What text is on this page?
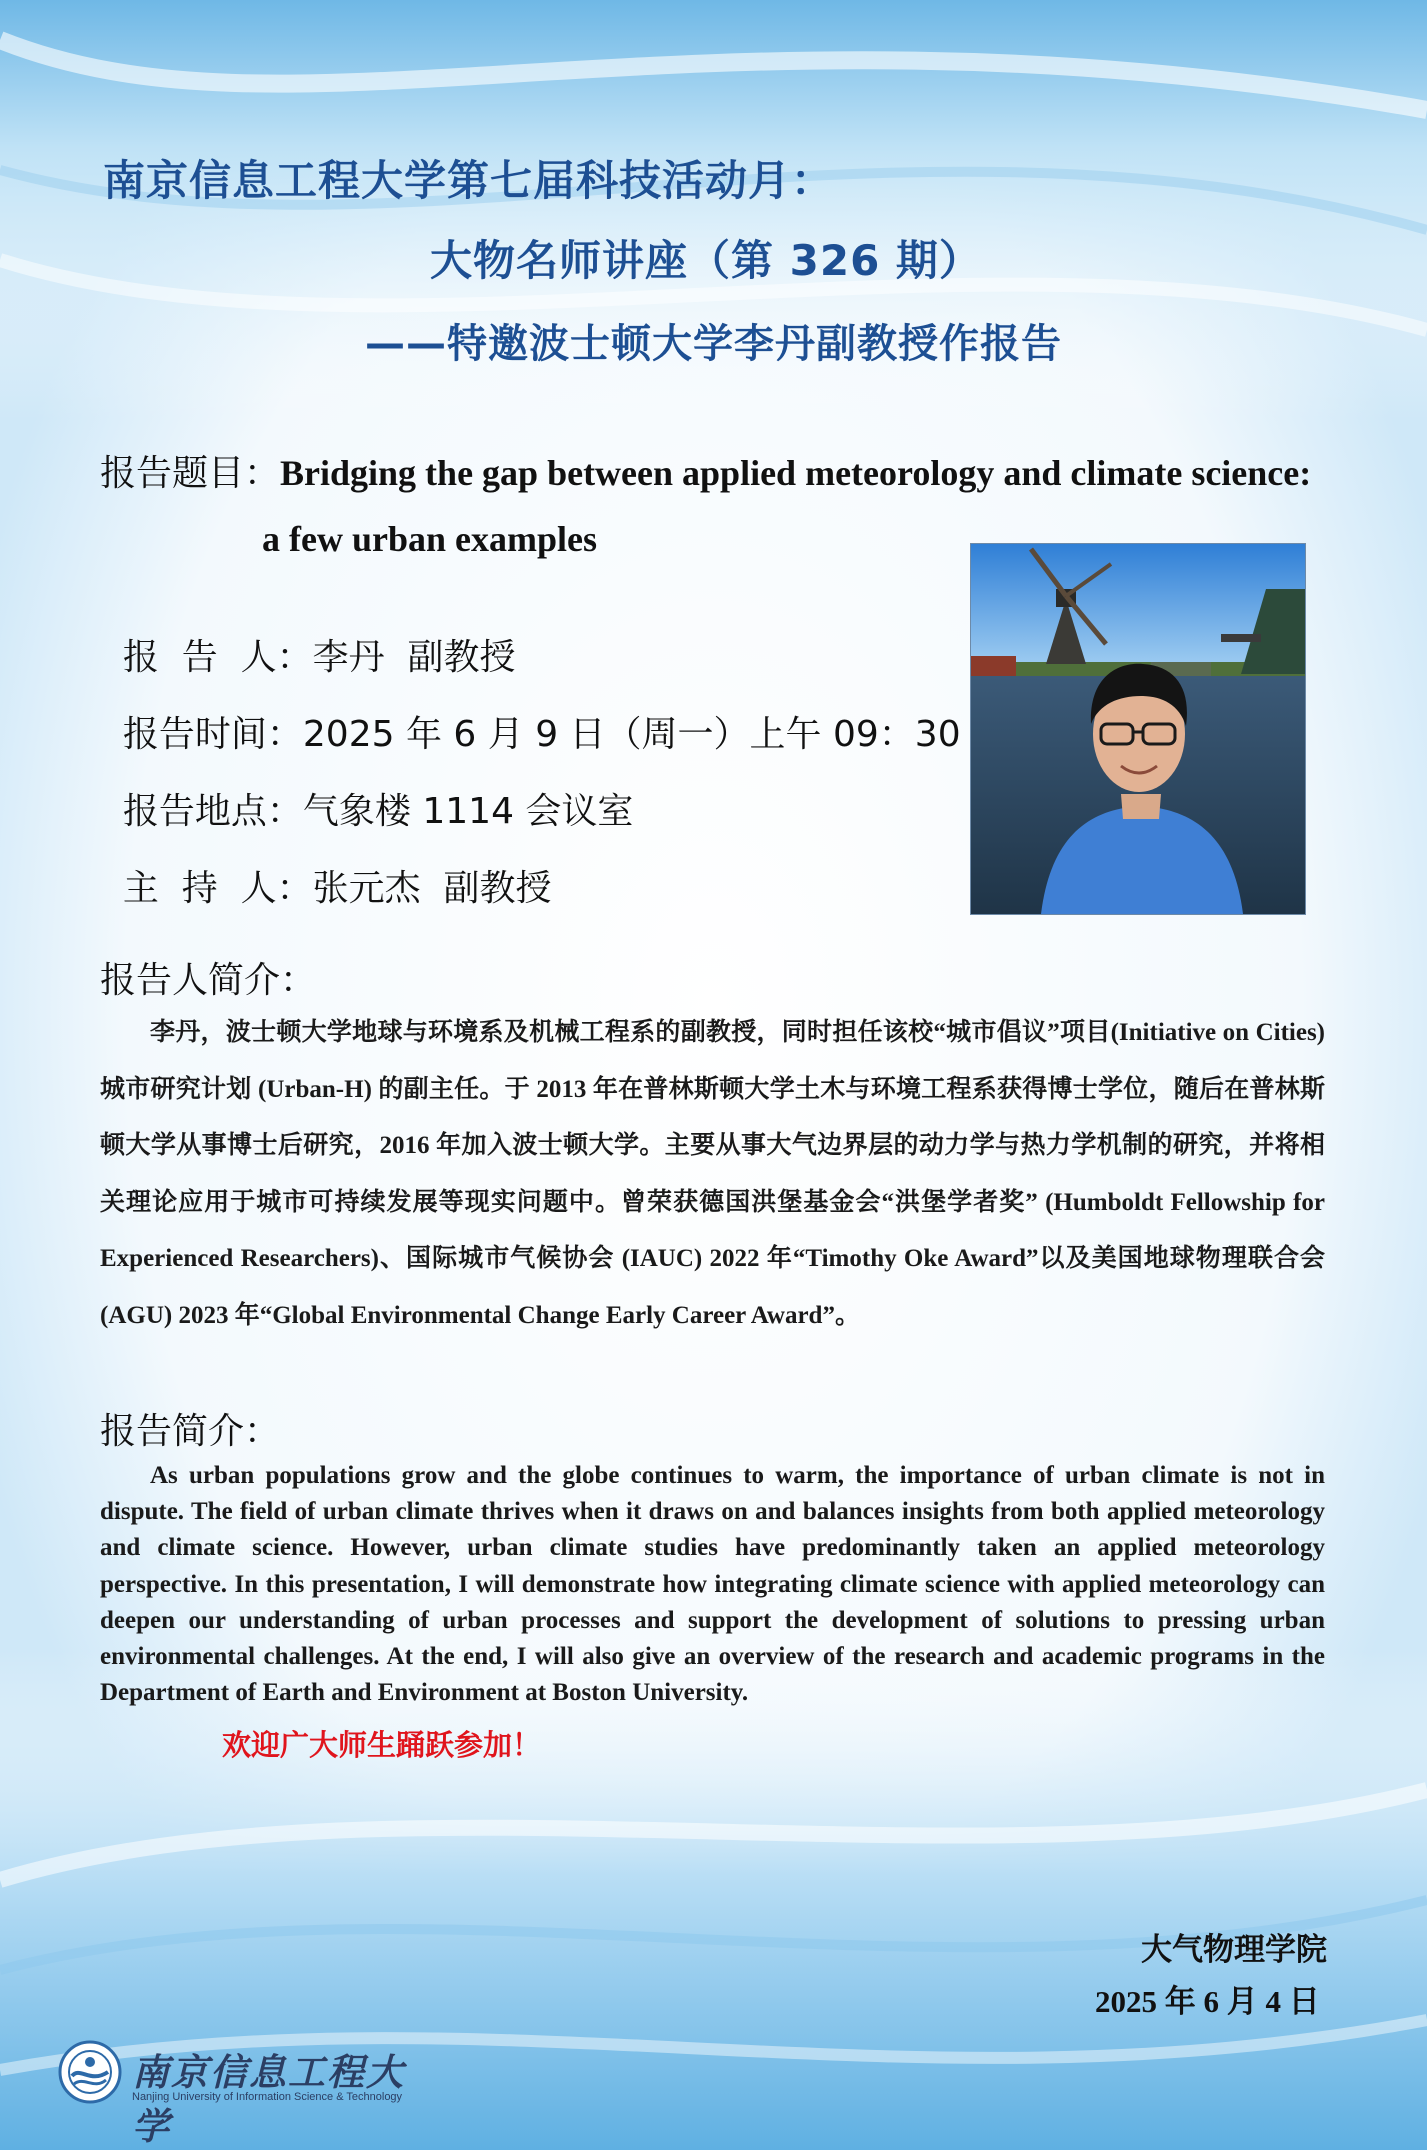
南京信息工程大学第七届科技活动月：
大物名师讲座（第 326 期）
——特邀波士顿大学李丹副教授作报告
报告题目：Bridging the gap between applied meteorology and climate science:
a few urban examples

报  告  人：李丹  副教授

报告时间：2025 年 6 月 9 日（周一）上午 09：30

报告地点：气象楼 1114 会议室

主  持  人：张元杰  副教授

报告人简介：
李丹，波士顿大学地球与环境系及机械工程系的副教授，同时担任该校“城市倡议”项目(Initiative on Cities) 城市研究计划 (Urban-H) 的副主任。于 2013 年在普林斯顿大学土木与环境工程系获得博士学位，随后在普林斯顿大学从事博士后研究，2016 年加入波士顿大学。主要从事大气边界层的动力学与热力学机制的研究，并将相关理论应用于城市可持续发展等现实问题中。曾荣获德国洪堡基金会“洪堡学者奖” (Humboldt Fellowship for Experienced Researchers)、国际城市气候协会 (IAUC) 2022 年“Timothy Oke Award”以及美国地球物理联合会 (AGU) 2023 年“Global Environmental Change Early Career Award”。
报告简介：
As urban populations grow and the globe continues to warm, the importance of urban climate is not in dispute. The field of urban climate thrives when it draws on and balances insights from both applied meteorology and climate science. However, urban climate studies have predominantly taken an applied meteorology perspective. In this presentation, I will demonstrate how integrating climate science with applied meteorology can deepen our understanding of urban processes and support the development of solutions to pressing urban environmental challenges. At the end, I will also give an overview of the research and academic programs in the Department of Earth and Environment at Boston University.
欢迎广大师生踊跃参加！
大气物理学院
2025 年 6 月 4 日
南京信息工程大学
Nanjing University of Information Science & Technology
